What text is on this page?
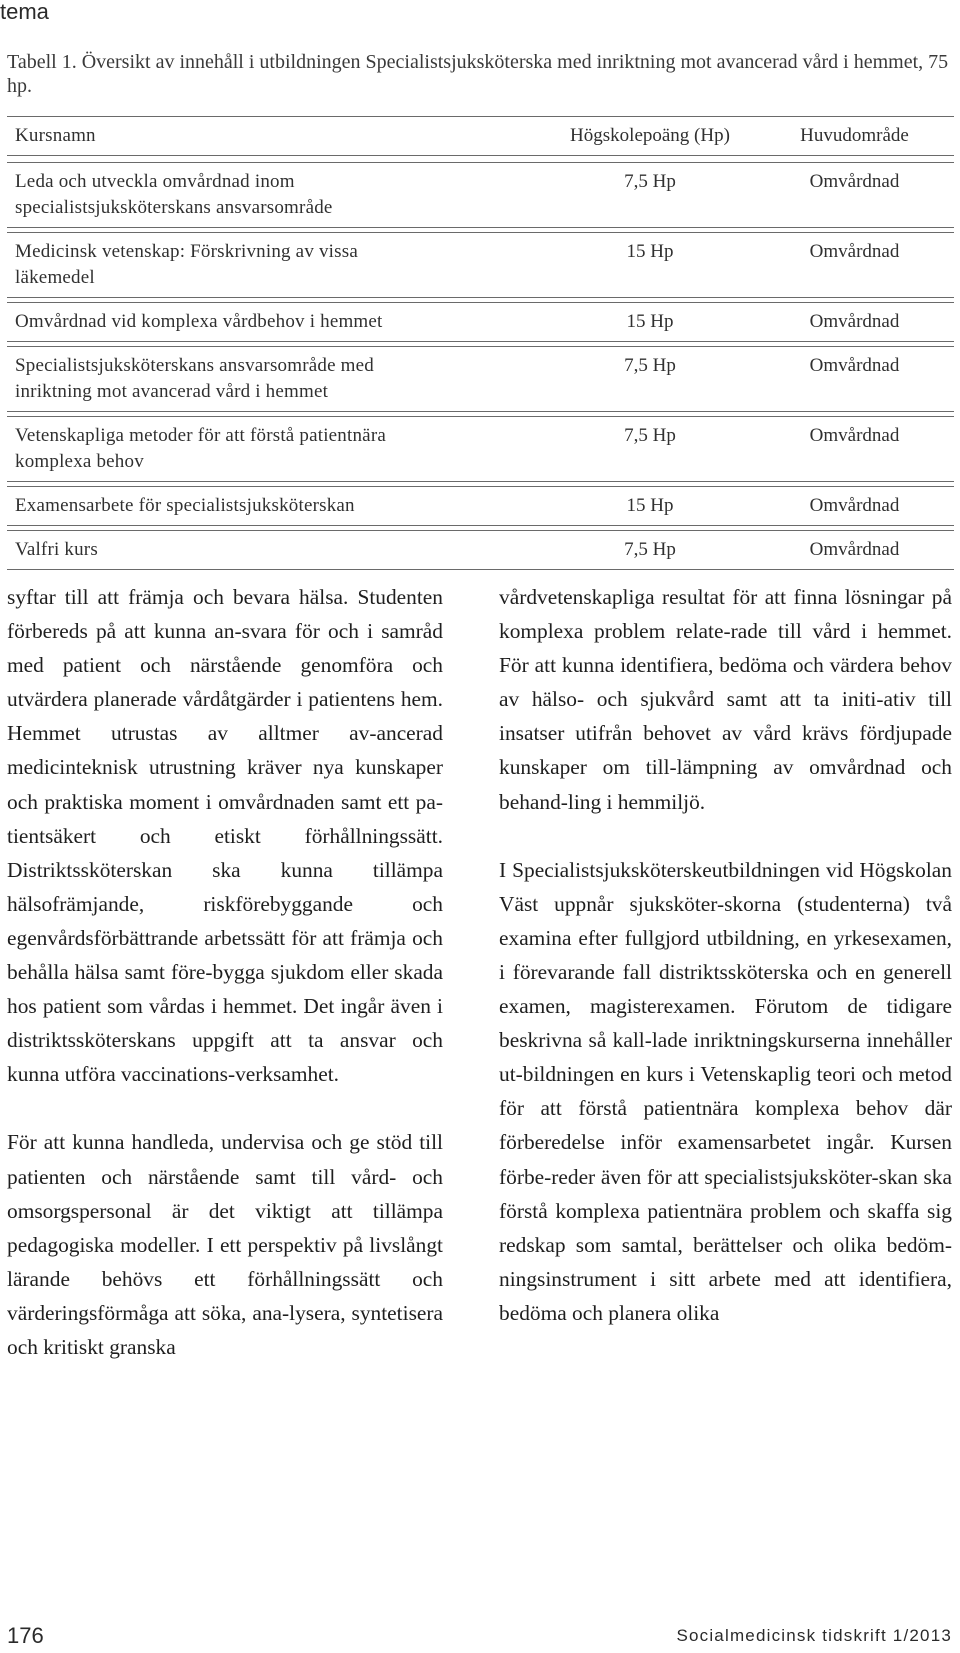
tema
Tabell 1. Översikt av innehåll i utbildningen Specialistsjuksköterska med inriktning mot avancerad vård i hemmet, 75 hp.
Kursnamn	Högskolepoäng (Hp)	Huvudområde
Leda och utveckla omvårdnad inom
specialistsjuksköterskans ansvarsområde
7,5 Hp	Omvårdnad
Medicinsk vetenskap: Förskrivning av vissa
läkemedel
15 Hp	Omvårdnad
Omvårdnad vid komplexa vårdbehov i hemmet	15 Hp	Omvårdnad
Specialistsjuksköterskans ansvarsområde med
inriktning mot avancerad vård i hemmet
7,5 Hp	Omvårdnad
Vetenskapliga metoder för att förstå patientnära
komplexa behov
7,5 Hp	Omvårdnad
Examensarbete för specialistsjuksköterskan	15 Hp	Omvårdnad
Valfri kurs	7,5 Hp	Omvårdnad

syftar till att främja och bevara hälsa. Studenten förbereds på att kunna an-svara för och i samråd med patient och närstående genomföra och utvärdera planerade vårdåtgärder i patientens hem. Hemmet utrustas av alltmer av-ancerad medicinteknisk utrustning kräver nya kunskaper och praktiska moment i omvårdnaden samt ett pa-tientsäkert och etiskt förhållningssätt. Distriktssköterskan ska kunna tillämpa hälsofrämjande, riskförebyggande och egenvårdsförbättrande arbetssätt för att främja och behålla hälsa samt före-bygga sjukdom eller skada hos patient som vårdas i hemmet. Det ingår även i distriktssköterskans uppgift att ta ansvar och kunna utföra vaccinations-verksamhet.

För att kunna handleda, undervisa och ge stöd till patienten och närstående samt till vård- och omsorgspersonal är det viktigt att tillämpa pedagogiska modeller. I ett perspektiv på livslångt lärande behövs ett förhållningssätt och värderingsförmåga att söka, ana-lysera, syntetisera och kritiskt granska

vårdvetenskapliga resultat för att finna lösningar på komplexa problem relate-rade till vård i hemmet. För att kunna identifiera, bedöma och värdera behov av hälso- och sjukvård samt att ta initi-ativ till insatser utifrån behovet av vård krävs fördjupade kunskaper om till-lämpning av omvårdnad och behand-ling i hemmiljö.

I Specialistsjuksköterskeutbildningen vid Högskolan Väst uppnår sjuksköter-skorna (studenterna) två examina efter fullgjord utbildning, en yrkesexamen, i förevarande fall distriktssköterska och en generell examen, magisterexamen. Förutom de tidigare beskrivna så kall-lade inriktningskurserna innehåller ut-bildningen en kurs i Vetenskaplig teori och metod för att förstå patientnära komplexa behov där förberedelse inför examensarbetet ingår. Kursen förbe-reder även för att specialistsjuksköter-skan ska förstå komplexa patientnära problem och skaffa sig redskap som samtal, berättelser och olika bedöm-ningsinstrument i sitt arbete med att identifiera, bedöma och planera olika

176	Socialmedicinsk tidskrift 1/2013
